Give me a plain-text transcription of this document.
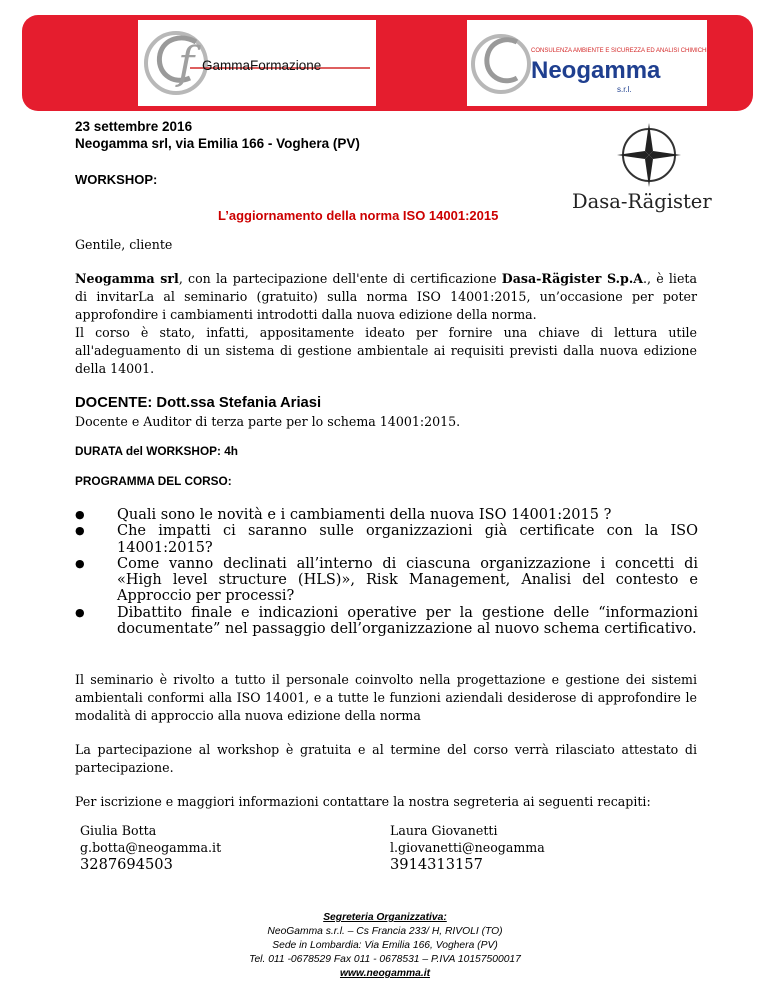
f GammaFormazione
CONSULENZA AMBIENTE E SICUREZZA ED ANALISI CHIMICHE
Neogamma
s.r.l.
23 settembre 2016
Neogamma srl, via Emilia 166 - Voghera (PV)
WORKSHOP:
L’aggiornamento della norma ISO 14001:2015
Dasa-Rägister
Gentile, cliente
Neogamma srl, con la partecipazione dell'ente di certificazione Dasa-Rägister S.p.A., è lieta di invitarLa al seminario (gratuito) sulla norma ISO 14001:2015, un’occasione per poter approfondire i cambiamenti introdotti dalla nuova edizione della norma.
Il corso è stato, infatti, appositamente ideato per fornire una chiave di lettura utile all'adeguamento di un sistema di gestione ambientale ai requisiti previsti dalla nuova edizione della 14001.
DOCENTE: Dott.ssa Stefania Ariasi
Docente e Auditor di terza parte per lo schema 14001:2015.
DURATA del WORKSHOP: 4h
PROGRAMMA DEL CORSO:
● Quali sono le novità e i cambiamenti della nuova ISO 14001:2015 ?
● Che impatti ci saranno sulle organizzazioni già certificate con la ISO 14001:2015?
● Come vanno declinati all’interno di ciascuna organizzazione i concetti di «High level structure (HLS)», Risk Management, Analisi del contesto e Approccio per processi?
● Dibattito finale e indicazioni operative per la gestione delle “informazioni documentate” nel passaggio dell’organizzazione al nuovo schema certificativo.
Il seminario è rivolto a tutto il personale coinvolto nella progettazione e gestione dei sistemi ambientali conformi alla ISO 14001, e a tutte le funzioni aziendali desiderose di approfondire le modalità di approccio alla nuova edizione della norma
La partecipazione al workshop è gratuita e al termine del corso verrà rilasciato attestato di partecipazione.
Per iscrizione e maggiori informazioni contattare la nostra segreteria ai seguenti recapiti:
Giulia Botta
g.botta@neogamma.it
3287694503
Laura Giovanetti
l.giovanetti@neogamma
3914313157
Segreteria Organizzativa:
NeoGamma s.r.l. – Cs Francia 233/ H, RIVOLI (TO)
Sede in Lombardia: Via Emilia 166, Voghera (PV)
Tel. 011 -0678529 Fax 011 - 0678531 – P.IVA 10157500017
www.neogamma.it
